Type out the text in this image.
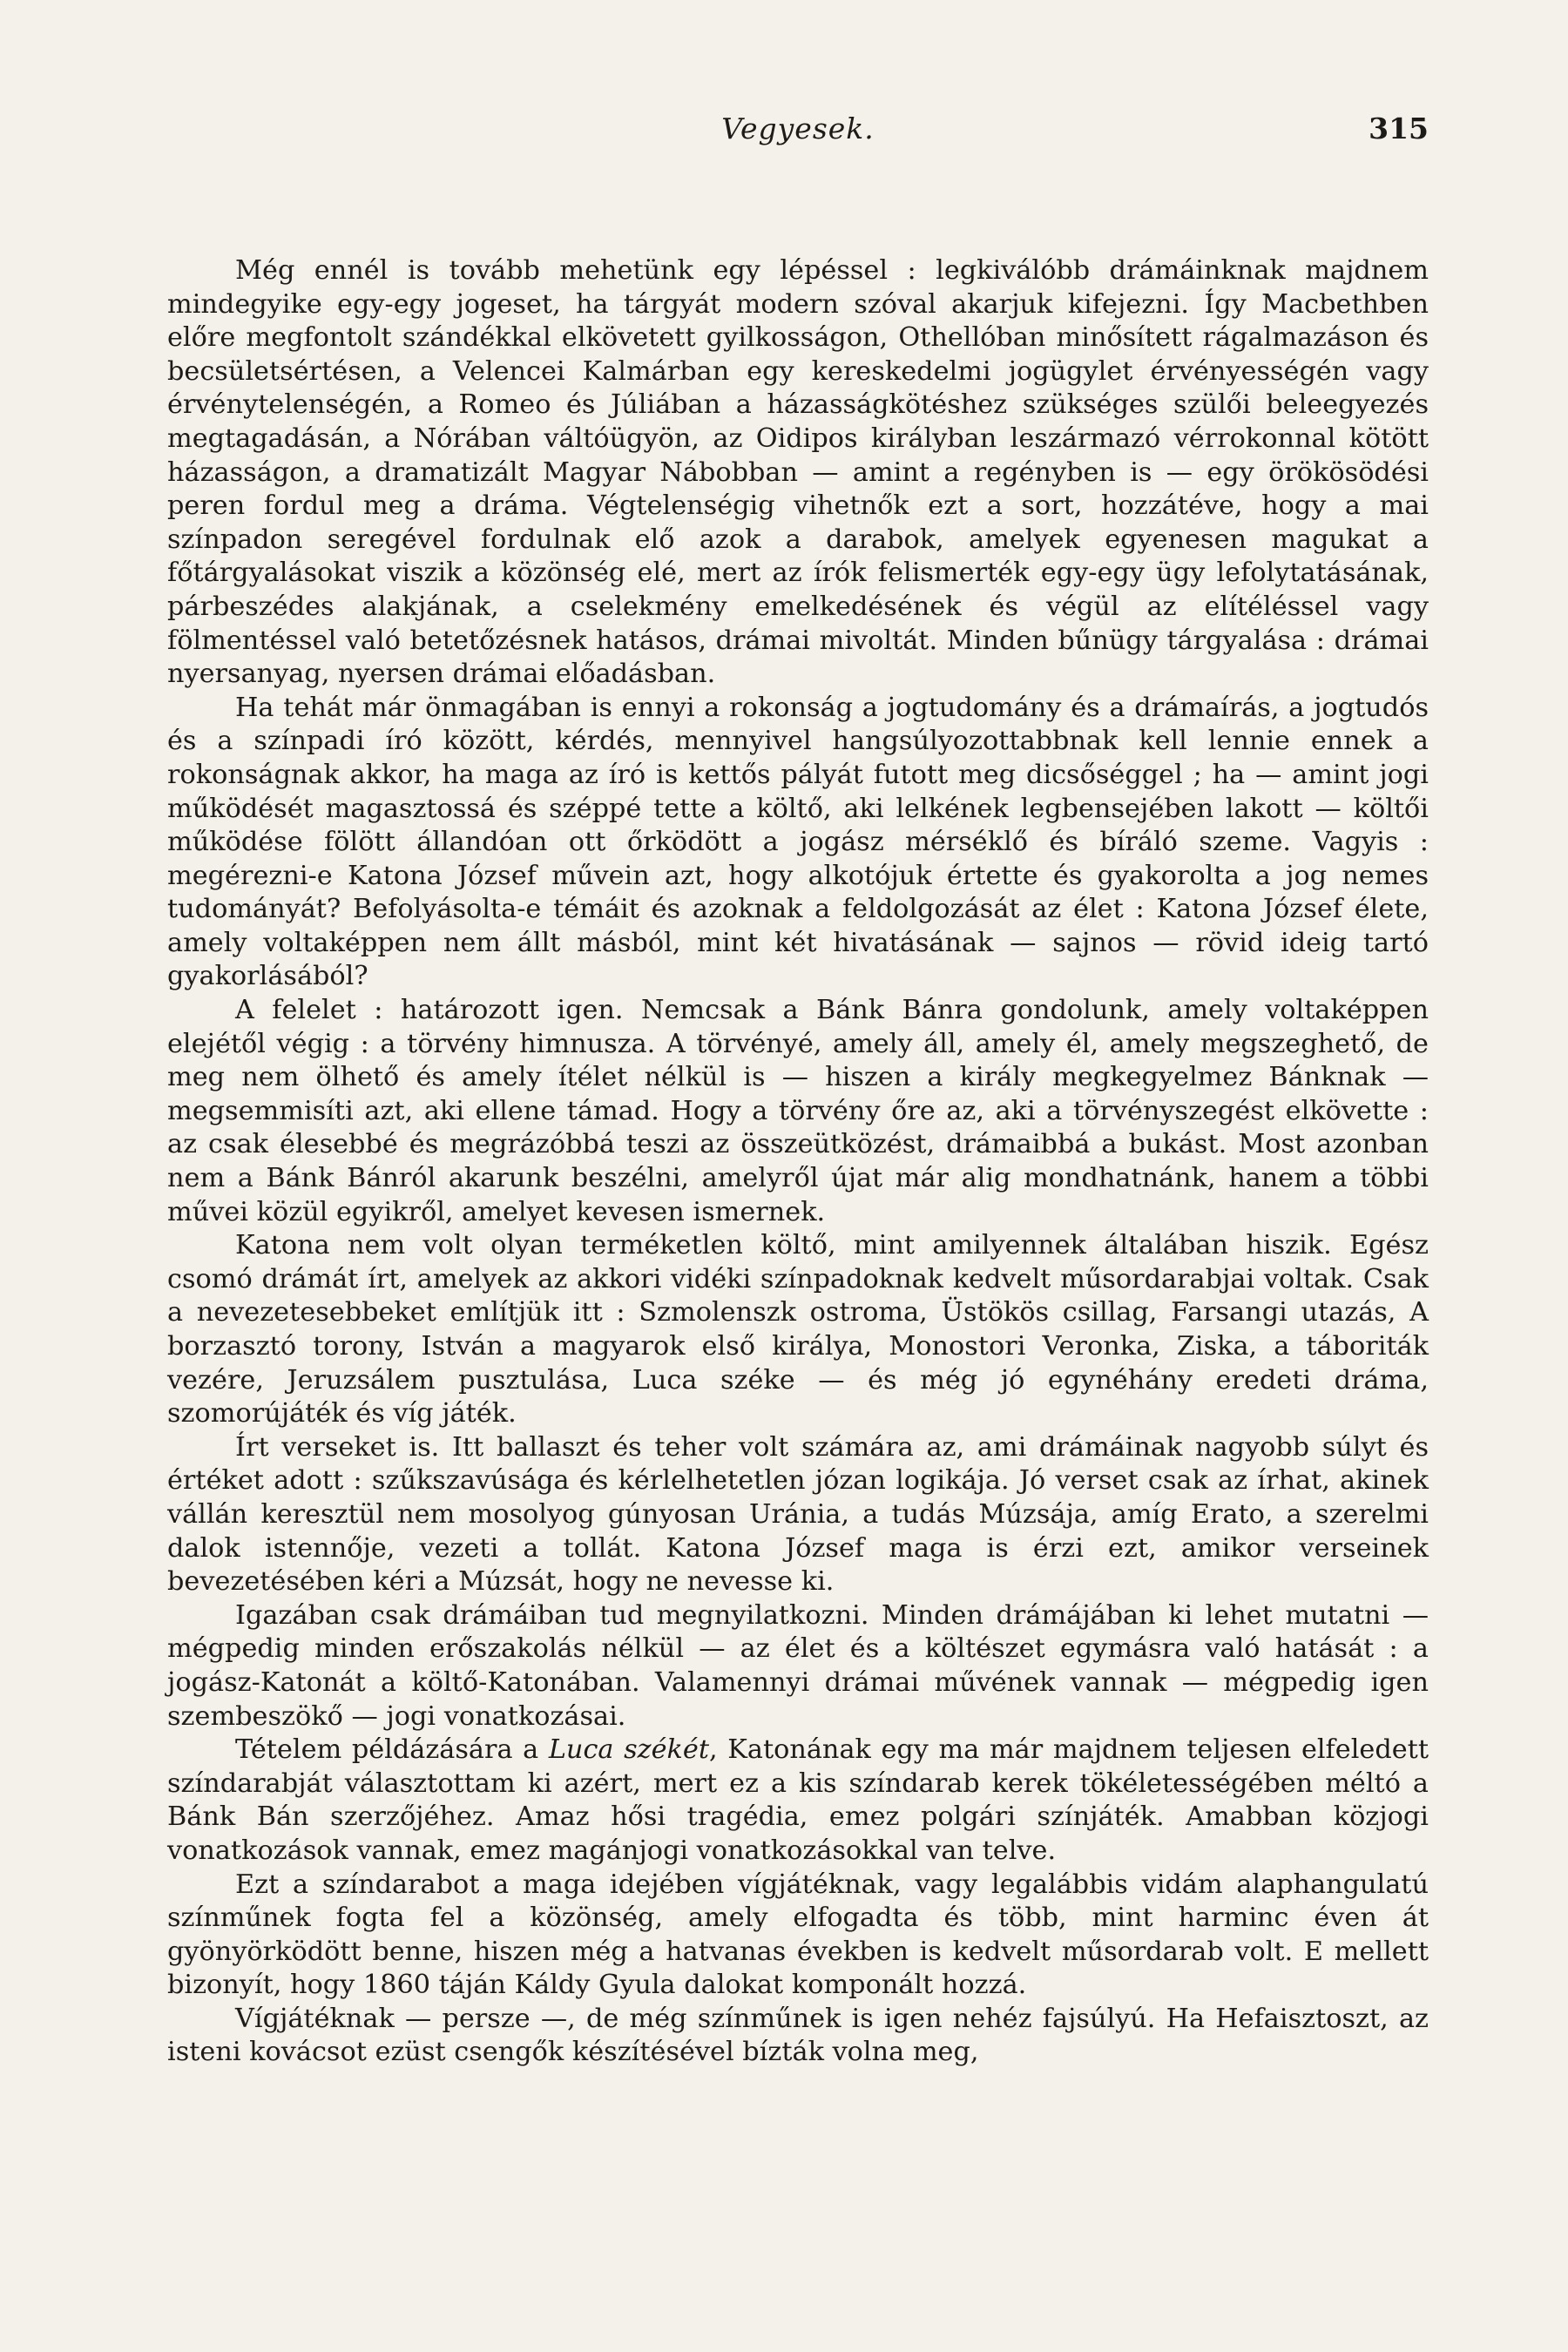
Vegyesek.	315

Még ennél is tovább mehetünk egy lépéssel : legkiválóbb drámáinknak majdnem mindegyike egy-egy jogeset, ha tárgyát modern szóval akarjuk kifejezni. Így Macbethben előre megfontolt szándékkal elkövetett gyilkosságon, Othellóban minősített rágalmazáson és becsületsértésen, a Velencei Kalmárban egy kereskedelmi jogügylet érvényességén vagy érvénytelenségén, a Romeo és Júliában a házasságkötéshez szükséges szülői beleegyezés megtagadásán, a Nórában váltóügyön, az Oidipos királyban leszármazó vérrokonnal kötött házasságon, a dramatizált Magyar Nábobban — amint a regényben is — egy örökösödési peren fordul meg a dráma. Végtelenségig vihetnők ezt a sort, hozzátéve, hogy a mai színpadon seregével fordulnak elő azok a darabok, amelyek egyenesen magukat a főtárgyalásokat viszik a közönség elé, mert az írók felismerték egy-egy ügy lefolytatásának, párbeszédes alakjának, a cselekmény emelkedésének és végül az elítéléssel vagy fölmentéssel való betetőzésnek hatásos, drámai mivoltát. Minden bűnügy tárgyalása : drámai nyersanyag, nyersen drámai előadásban.

Ha tehát már önmagában is ennyi a rokonság a jogtudomány és a drámaírás, a jogtudós és a színpadi író között, kérdés, mennyivel hangsúlyozottabbnak kell lennie ennek a rokonságnak akkor, ha maga az író is kettős pályát futott meg dicsőséggel ; ha — amint jogi működését magasztossá és széppé tette a költő, aki lelkének legbensejében lakott — költői működése fölött állandóan ott őrködött a jogász mérséklő és bíráló szeme. Vagyis : megérezni-e Katona József művein azt, hogy alkotójuk értette és gyakorolta a jog nemes tudományát? Befolyásolta-e témáit és azoknak a feldolgozását az élet : Katona József élete, amely voltaképpen nem állt másból, mint két hivatásának — sajnos — rövid ideig tartó gyakorlásából?

A felelet : határozott igen. Nemcsak a Bánk Bánra gondolunk, amely voltaképpen elejétől végig : a törvény himnusza. A törvényé, amely áll, amely él, amely megszeghető, de meg nem ölhető és amely ítélet nélkül is — hiszen a király megkegyelmez Bánknak — megsemmisíti azt, aki ellene támad. Hogy a törvény őre az, aki a törvényszegést elkövette : az csak élesebbé és megrázóbbá teszi az összeütközést, drámaibbá a bukást. Most azonban nem a Bánk Bánról akarunk beszélni, amelyről újat már alig mondhatnánk, hanem a többi művei közül egyikről, amelyet kevesen ismernek.

Katona nem volt olyan terméketlen költő, mint amilyennek általában hiszik. Egész csomó drámát írt, amelyek az akkori vidéki színpadoknak kedvelt műsordarabjai voltak. Csak a nevezetesebbeket említjük itt : Szmolenszk ostroma, Üstökös csillag, Farsangi utazás, A borzasztó torony, István a magyarok első királya, Monostori Veronka, Ziska, a táboriták vezére, Jeruzsálem pusztulása, Luca széke — és még jó egynéhány eredeti dráma, szomorújáték és víg játék.

Írt verseket is. Itt ballaszt és teher volt számára az, ami drámáinak nagyobb súlyt és értéket adott : szűkszavúsága és kérlelhetetlen józan logikája. Jó verset csak az írhat, akinek vállán keresztül nem mosolyog gúnyosan Uránia, a tudás Múzsája, amíg Erato, a szerelmi dalok istennője, vezeti a tollát. Katona József maga is érzi ezt, amikor verseinek bevezetésében kéri a Múzsát, hogy ne nevesse ki.

Igazában csak drámáiban tud megnyilatkozni. Minden drámájában ki lehet mutatni — mégpedig minden erőszakolás nélkül — az élet és a költészet egymásra való hatását : a jogász-Katonát a költő-Katonában. Valamennyi drámai művének vannak — mégpedig igen szembeszökő — jogi vonatkozásai.

Tételem példázására a Luca székét, Katonának egy ma már majdnem teljesen elfeledett színdarabját választottam ki azért, mert ez a kis színdarab kerek tökéletességében méltó a Bánk Bán szerzőjéhez. Amaz hősi tragédia, emez polgári színjáték. Amabban közjogi vonatkozások vannak, emez magánjogi vonatkozásokkal van telve.

Ezt a színdarabot a maga idejében vígjátéknak, vagy legalábbis vidám alaphangulatú színműnek fogta fel a közönség, amely elfogadta és több, mint harminc éven át gyönyörködött benne, hiszen még a hatvanas években is kedvelt műsordarab volt. E mellett bizonyít, hogy 1860 táján Káldy Gyula dalokat komponált hozzá.

Vígjátéknak — persze —, de még színműnek is igen nehéz fajsúlyú. Ha Hefaisztoszt, az isteni kovácsot ezüst csengők készítésével bízták volna meg,
